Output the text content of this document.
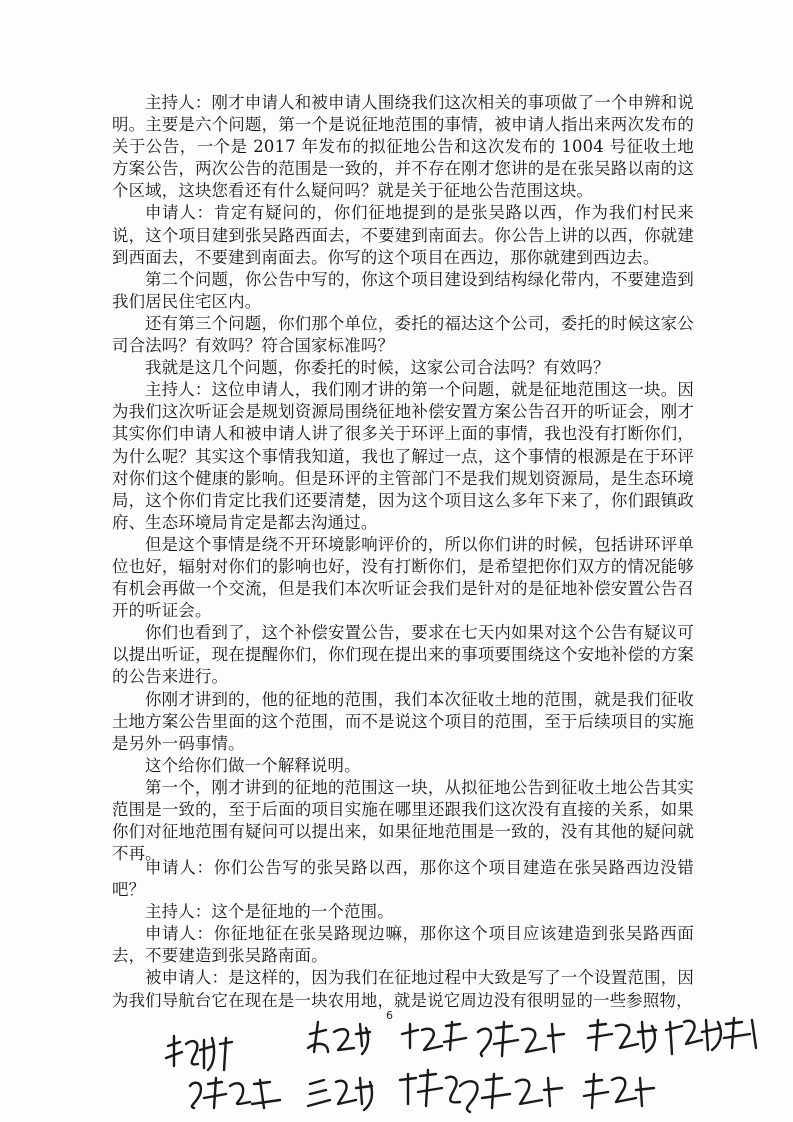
主持人：刚才申请人和被申请人围绕我们这次相关的事项做了一个申辨和说明。主要是六个问题，第一个是说征地范围的事情，被申请人指出来两次发布的关于公告，一个是 2017 年发布的拟征地公告和这次发布的 1004 号征收土地方案公告，两次公告的范围是一致的，并不存在刚才您讲的是在张吴路以南的这个区域，这块您看还有什么疑问吗？就是关于征地公告范围这块。

申请人：肯定有疑问的，你们征地提到的是张吴路以西，作为我们村民来说，这个项目建到张吴路西面去，不要建到南面去。你公告上讲的以西，你就建到西面去，不要建到南面去。你写的这个项目在西边，那你就建到西边去。

第二个问题，你公告中写的，你这个项目建设到结构绿化带内，不要建造到我们居民住宅区内。

还有第三个问题，你们那个单位，委托的福达这个公司，委托的时候这家公司合法吗？有效吗？符合国家标准吗？

我就是这几个问题，你委托的时候，这家公司合法吗？有效吗？

主持人：这位申请人，我们刚才讲的第一个问题，就是征地范围这一块。因为我们这次听证会是规划资源局围绕征地补偿安置方案公告召开的听证会，刚才其实你们申请人和被申请人讲了很多关于环评上面的事情，我也没有打断你们，为什么呢？其实这个事情我知道，我也了解过一点，这个事情的根源是在于环评对你们这个健康的影响。但是环评的主管部门不是我们规划资源局，是生态环境局，这个你们肯定比我们还要清楚，因为这个项目这么多年下来了，你们跟镇政府、生态环境局肯定是都去沟通过。

但是这个事情是绕不开环境影响评价的，所以你们讲的时候，包括讲环评单位也好，辐射对你们的影响也好，没有打断你们，是希望把你们双方的情况能够有机会再做一个交流，但是我们本次听证会我们是针对的是征地补偿安置公告召开的听证会。

你们也看到了，这个补偿安置公告，要求在七天内如果对这个公告有疑议可以提出听证，现在提醒你们，你们现在提出来的事项要围绕这个安地补偿的方案的公告来进行。

你刚才讲到的，他的征地的范围，我们本次征收土地的范围，就是我们征收土地方案公告里面的这个范围，而不是说这个项目的范围，至于后续项目的实施是另外一码事情。

这个给你们做一个解释说明。

第一个，刚才讲到的征地的范围这一块，从拟征地公告到征收土地公告其实范围是一致的，至于后面的项目实施在哪里还跟我们这次没有直接的关系，如果你们对征地范围有疑问可以提出来，如果征地范围是一致的，没有其他的疑问就不再。

申请人：你们公告写的张吴路以西，那你这个项目建造在张吴路西边没错吧？

主持人：这个是征地的一个范围。

申请人：你征地征在张吴路现边嘛，那你这个项目应该建造到张吴路西面去，不要建造到张吴路南面。

被申请人：是这样的，因为我们在征地过程中大致是写了一个设置范围，因为我们导航台它在现在是一块农用地，就是说它周边没有很明显的一些参照物，

6
